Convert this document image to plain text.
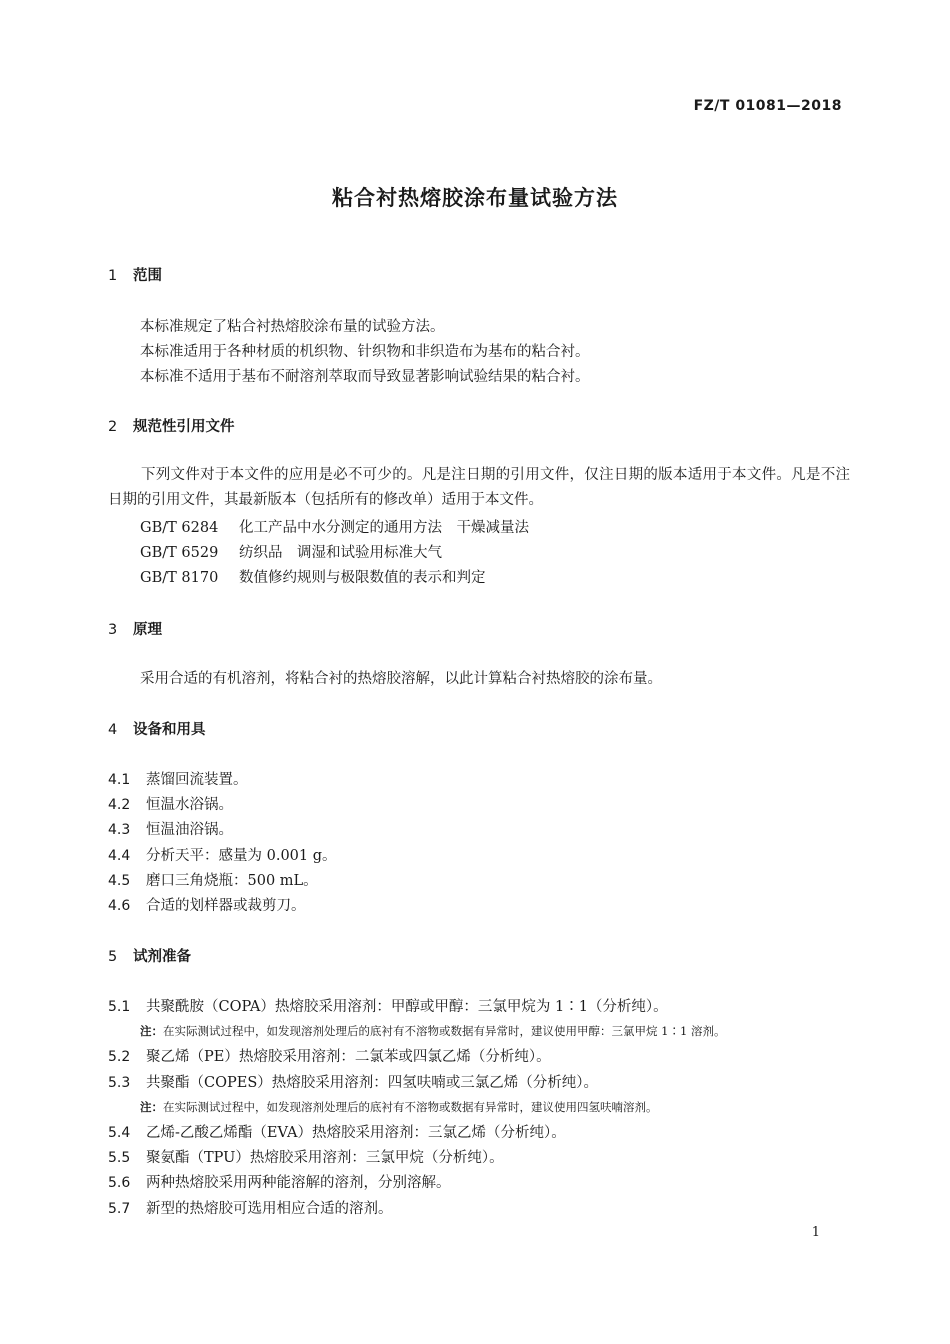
FZ/T 01081—2018
粘合衬热熔胶涂布量试验方法
1 范围
本标准规定了粘合衬热熔胶涂布量的试验方法。
本标准适用于各种材质的机织物、针织物和非织造布为基布的粘合衬。
本标准不适用于基布不耐溶剂萃取而导致显著影响试验结果的粘合衬。
2 规范性引用文件
下列文件对于本文件的应用是必不可少的。凡是注日期的引用文件，仅注日期的版本适用于本文件。凡是不注日期的引用文件，其最新版本（包括所有的修改单）适用于本文件。
GB/T 6284 化工产品中水分测定的通用方法　干燥减量法
GB/T 6529 纺织品　调湿和试验用标准大气
GB/T 8170 数值修约规则与极限数值的表示和判定
3 原理
采用合适的有机溶剂，将粘合衬的热熔胶溶解，以此计算粘合衬热熔胶的涂布量。
4 设备和用具
4.1 蒸馏回流装置。
4.2 恒温水浴锅。
4.3 恒温油浴锅。
4.4 分析天平：感量为 0.001 g。
4.5 磨口三角烧瓶：500 mL。
4.6 合适的划样器或裁剪刀。
5 试剂准备
5.1 共聚酰胺（COPA）热熔胶采用溶剂：甲醇或甲醇：三氯甲烷为 1∶1（分析纯）。
注：在实际测试过程中，如发现溶剂处理后的底衬有不溶物或数据有异常时，建议使用甲醇：三氯甲烷 1∶1 溶剂。
5.2 聚乙烯（PE）热熔胶采用溶剂：二氯苯或四氯乙烯（分析纯）。
5.3 共聚酯（COPES）热熔胶采用溶剂：四氢呋喃或三氯乙烯（分析纯）。
注：在实际测试过程中，如发现溶剂处理后的底衬有不溶物或数据有异常时，建议使用四氢呋喃溶剂。
5.4 乙烯-乙酸乙烯酯（EVA）热熔胶采用溶剂：三氯乙烯（分析纯）。
5.5 聚氨酯（TPU）热熔胶采用溶剂：三氯甲烷（分析纯）。
5.6 两种热熔胶采用两种能溶解的溶剂，分别溶解。
5.7 新型的热熔胶可选用相应合适的溶剂。
1
